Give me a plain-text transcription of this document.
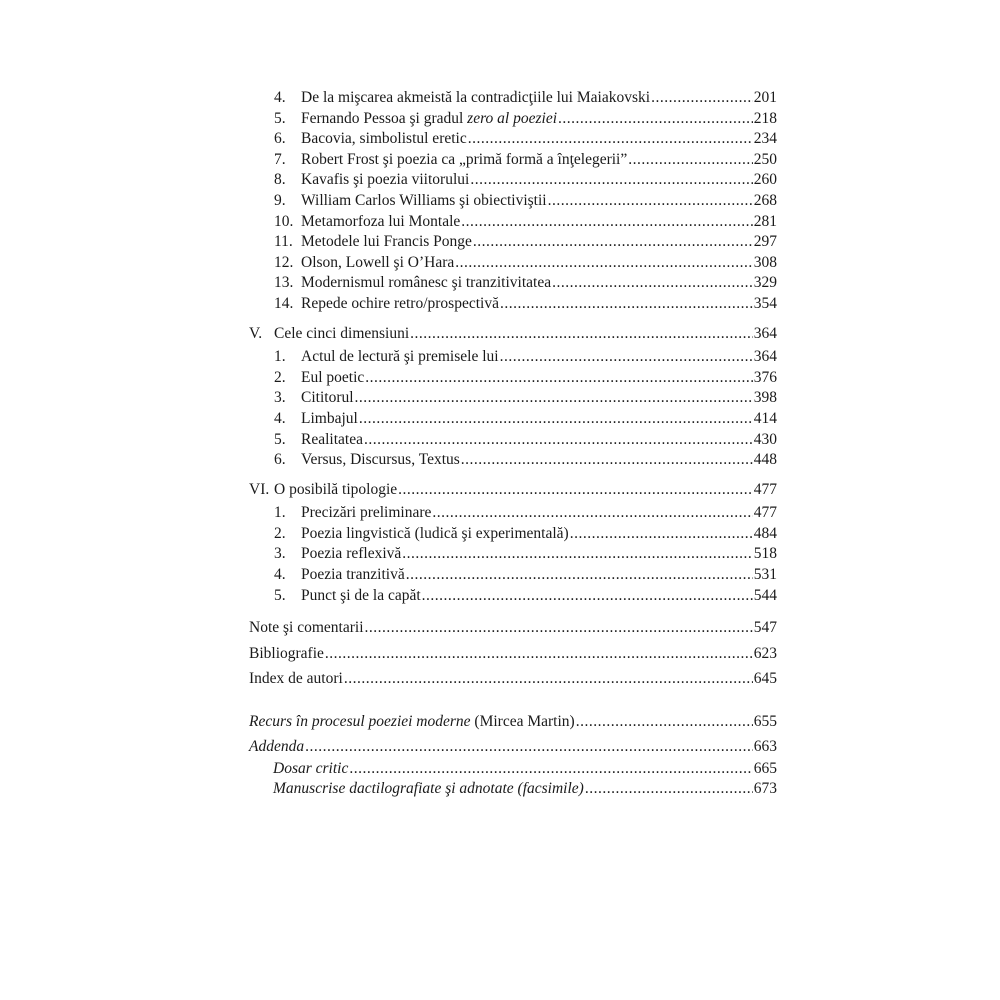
4. De la mişcarea akmeistă la contradicţiile lui Maiakovski .....	201
5. Fernando Pessoa şi gradul zero al poeziei .....	218
6. Bacovia, simbolistul eretic .....	234
7. Robert Frost şi poezia ca „primă formă a înţelegerii” .....	250
8. Kavafis şi poezia viitorului .....	260
9. William Carlos Williams şi obiectiviştii .....	268
10. Metamorfoza lui Montale .....	281
11. Metodele lui Francis Ponge .....	297
12. Olson, Lowell şi O’Hara .....	308
13. Modernismul românesc şi tranzitivitatea .....	329
14. Repede ochire retro/prospectivă .....	354
V. Cele cinci dimensiuni .....	364
1. Actul de lectură şi premisele lui .....	364
2. Eul poetic .....	376
3. Cititorul .....	398
4. Limbajul .....	414
5. Realitatea .....	430
6. Versus, Discursus, Textus .....	448
VI. O posibilă tipologie .....	477
1. Precizări preliminare .....	477
2. Poezia lingvistică (ludică şi experimentală) .....	484
3. Poezia reflexivă .....	518
4. Poezia tranzitivă .....	531
5. Punct şi de la capăt .....	544
Note şi comentarii .....	547
Bibliografie .....	623
Index de autori .....	645
Recurs în procesul poeziei moderne (Mircea Martin) .....	655
Addenda .....	663
Dosar critic .....	665
Manuscrise dactilografiate şi adnotate (facsimile) .....	673
